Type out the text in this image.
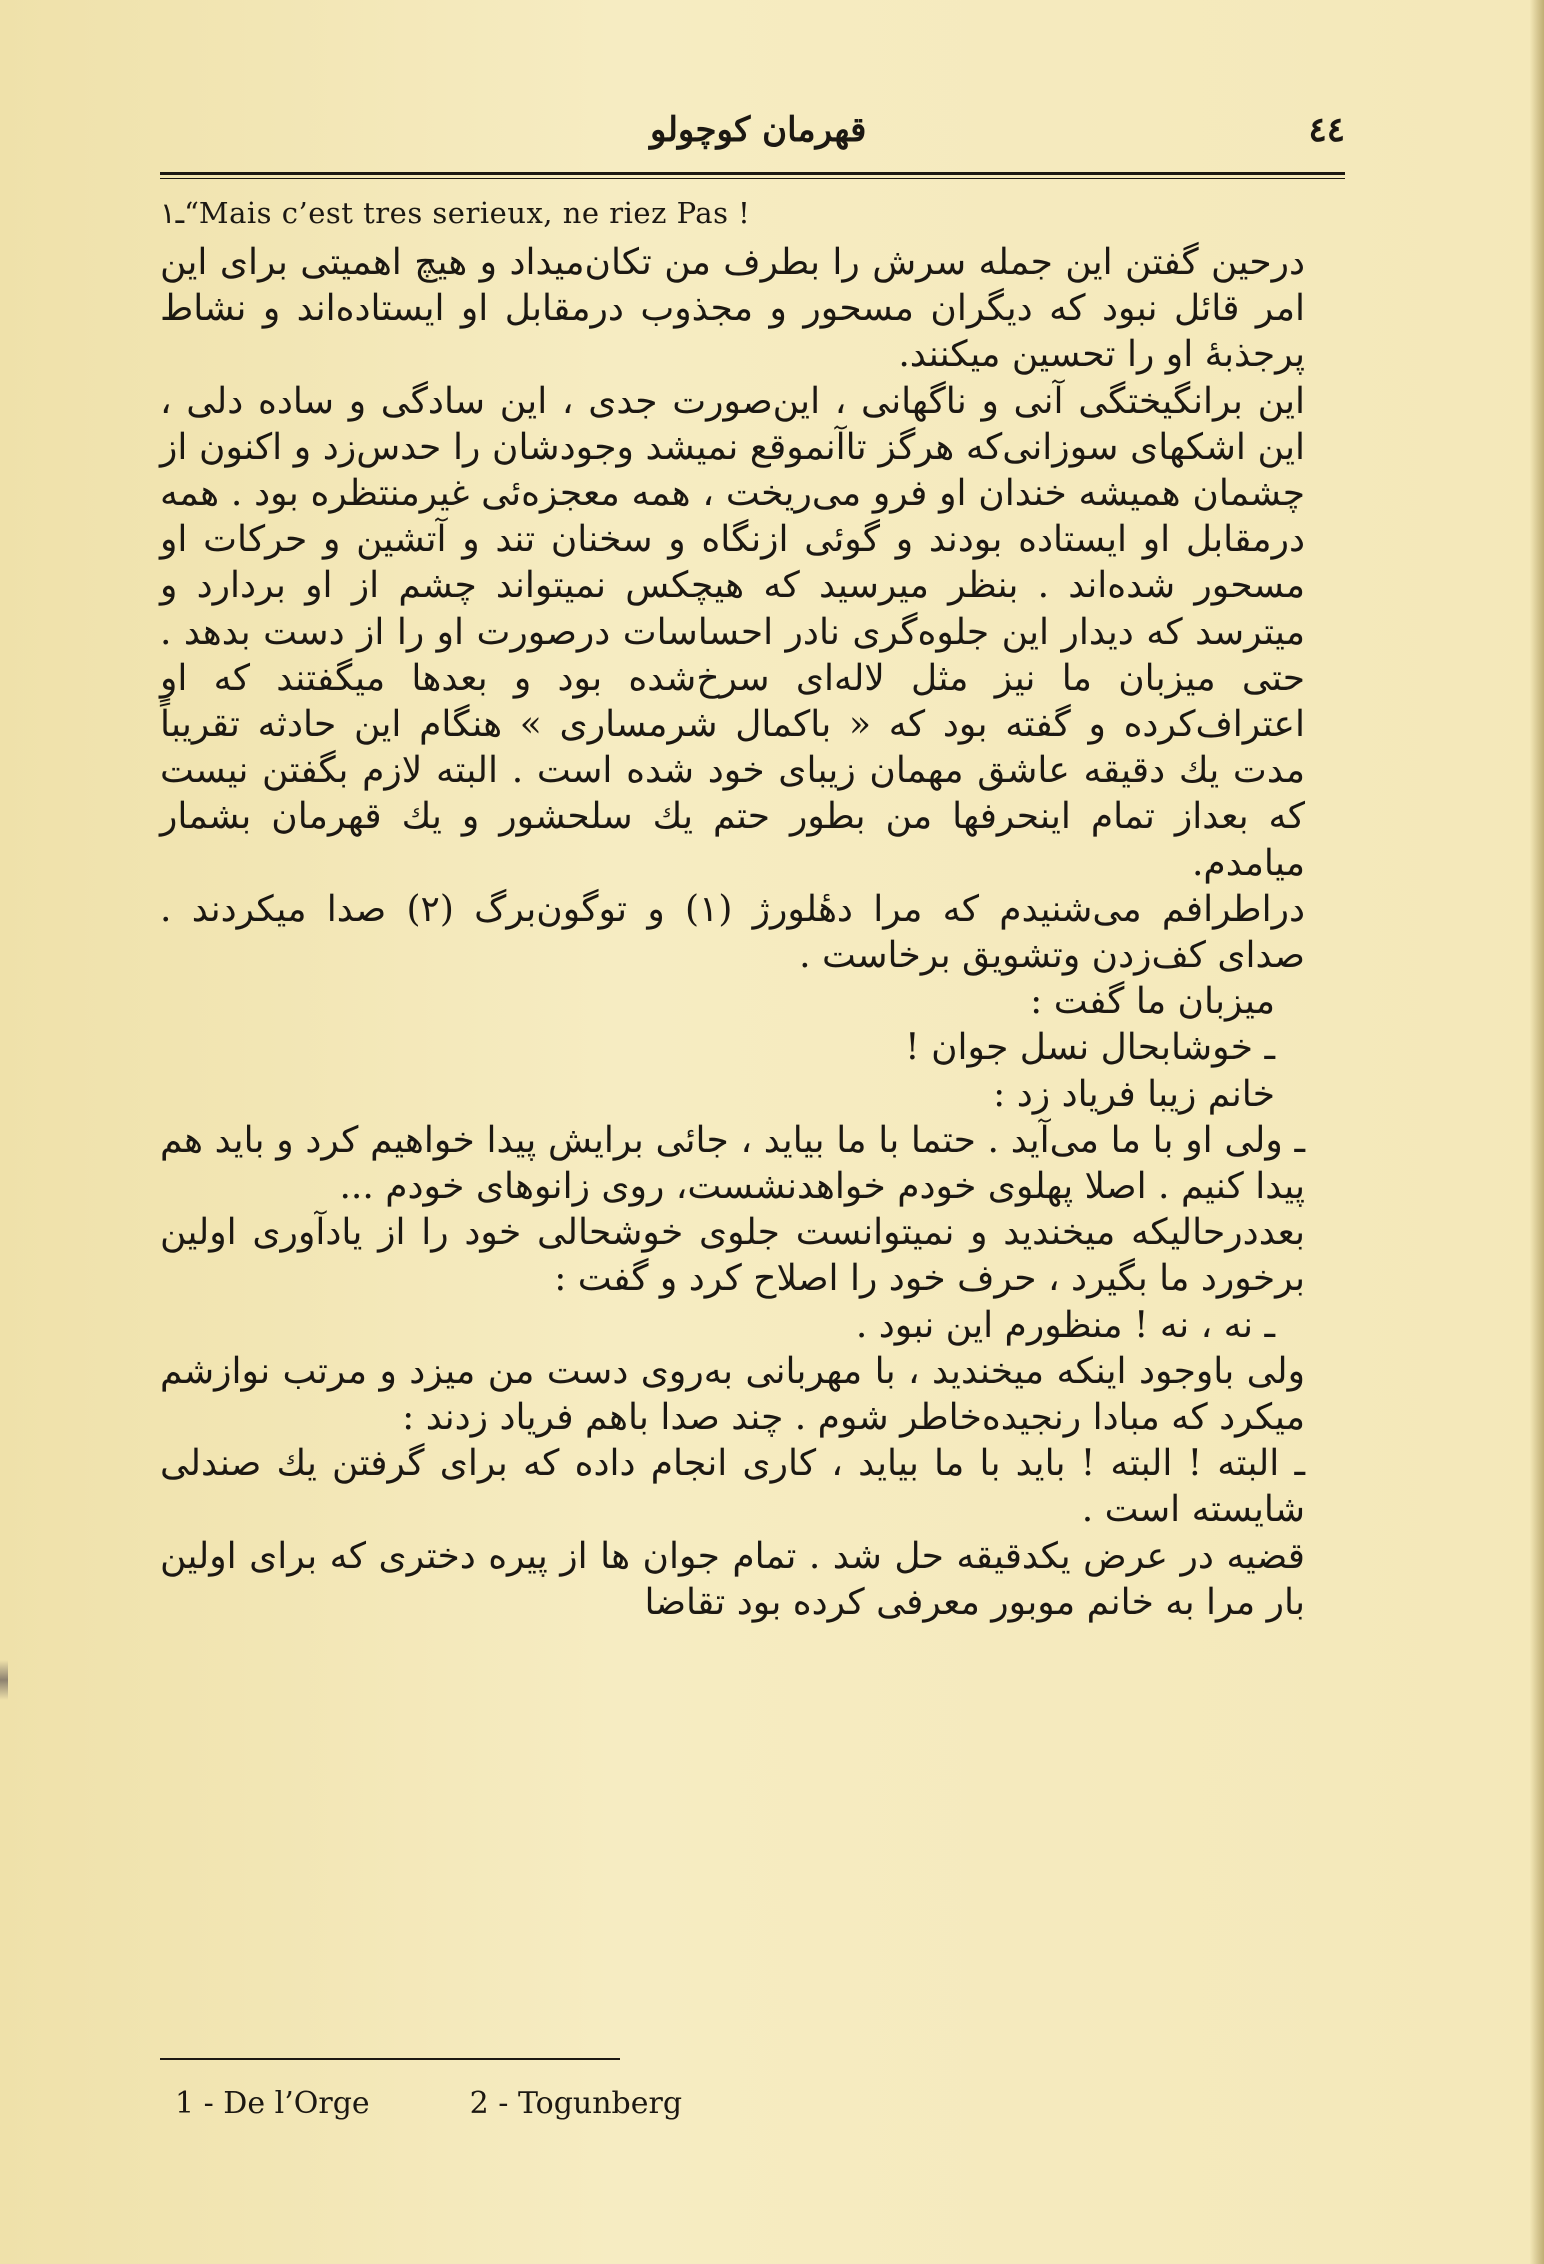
قهرمان کوچولو	٤٤
۱ـ“Mais c’est tres serieux, ne riez Pas !

درحین گفتن این جمله سرش را بطرف من تکان‌میداد و هیچ اهمیتی برای این امر قائل نبود که دیگران مسحور و مجذوب درمقابل او ایستاده‌اند و نشاط پرجذبهٔ او را تحسین میکنند.

این برانگیختگی آنی و ناگهانی ، این‌صورت جدی ، این سادگی و ساده دلی ، این اشکهای سوزانی‌که هرگز تاآنموقع نمیشد وجودشان را حدس‌زد و اکنون از چشمان همیشه خندان او فرو می‌ریخت ، همه معجزه‌ئی غیرمنتظره بود . همه درمقابل او ایستاده بودند و گوئی ازنگاه و سخنان تند و آتشین و حرکات او مسحور شده‌اند . بنظر میرسید که هیچکس نمیتواند چشم از او بردارد و میترسد که دیدار این جلوه‌گری نادر احساسات درصورت او را از دست بدهد . حتی میزبان ما نیز مثل لاله‌ای سرخ‌شده بود و بعدها میگفتند که او اعتراف‌کرده و گفته بود که « باکمال شرمساری » هنگام این حادثه تقریباً مدت یك دقیقه عاشق مهمان زیبای خود شده است . البته لازم بگفتن نیست که بعداز تمام اینحرفها من بطور حتم یك سلحشور و یك قهرمان بشمار میامدم.

دراطرافم می‌شنیدم که مرا دهٔلورژ (۱) و توگون‌برگ (۲) صدا میکردند . صدای کف‌زدن وتشویق برخاست .

میزبان ما گفت :

ـ خوشابحال نسل جوان !

خانم زیبا فریاد زد :

ـ ولی او با ما می‌آید . حتما با ما بیاید ، جائی برایش پیدا خواهیم کرد و باید هم پیدا کنیم . اصلا پهلوی خودم خواهدنشست، روی زانوهای خودم ...

بعددرحالیکه میخندید و نمیتوانست جلوی خوشحالی خود را از یادآوری اولین برخورد ما بگیرد ، حرف خود را اصلاح کرد و گفت :

ـ نه ، نه ! منظورم این نبود .

ولی باوجود اینکه میخندید ، با مهربانی به‌روی دست من میزد و مرتب نوازشم میکرد که مبادا رنجیده‌خاطر شوم . چند صدا باهم فریاد زدند :

ـ البته ! البته ! باید با ما بیاید ، کاری انجام داده که برای گرفتن یك صندلی شایسته است .

قضیه در عرض یکدقیقه حل شد . تمام جوان ها از پیره دختری که برای اولین بار مرا به خانم موبور معرفی کرده بود تقاضا

1 - De l’Orge	2 - Togunberg
